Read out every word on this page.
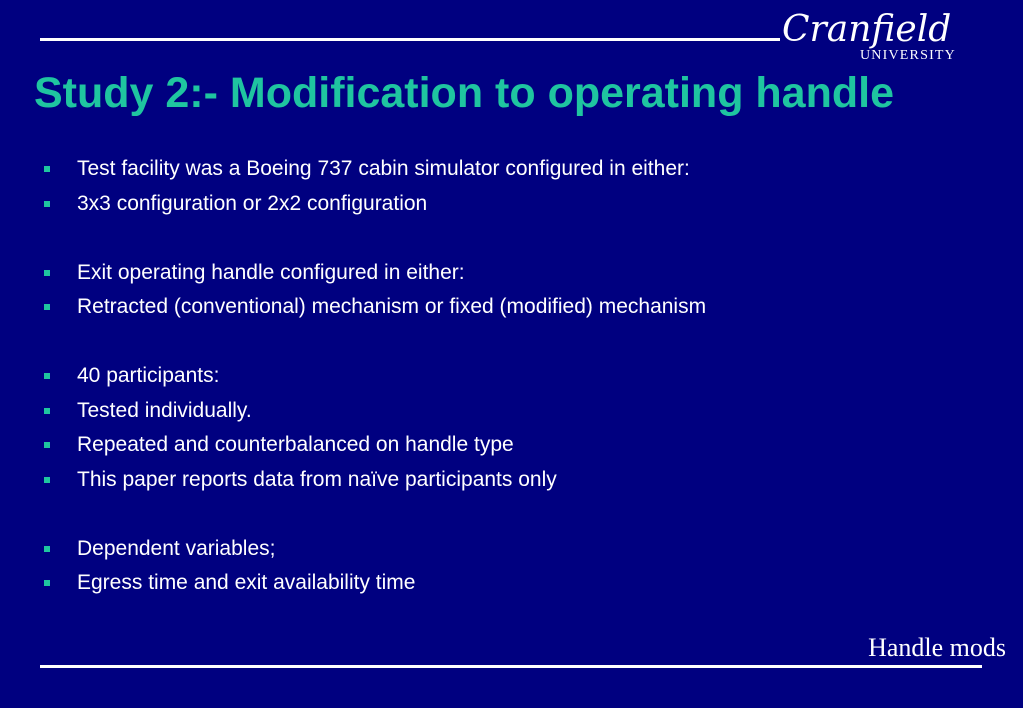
Cranfield
UNIVERSITY
Study 2:- Modification to operating handle
Test facility was a Boeing 737 cabin simulator configured in either:
3x3 configuration or 2x2 configuration
Exit operating handle configured in either:
Retracted (conventional) mechanism or fixed (modified) mechanism
40 participants:
Tested individually.
Repeated and counterbalanced on handle type
This paper reports data from naïve participants only
Dependent variables;
Egress time and exit availability time
Handle mods
